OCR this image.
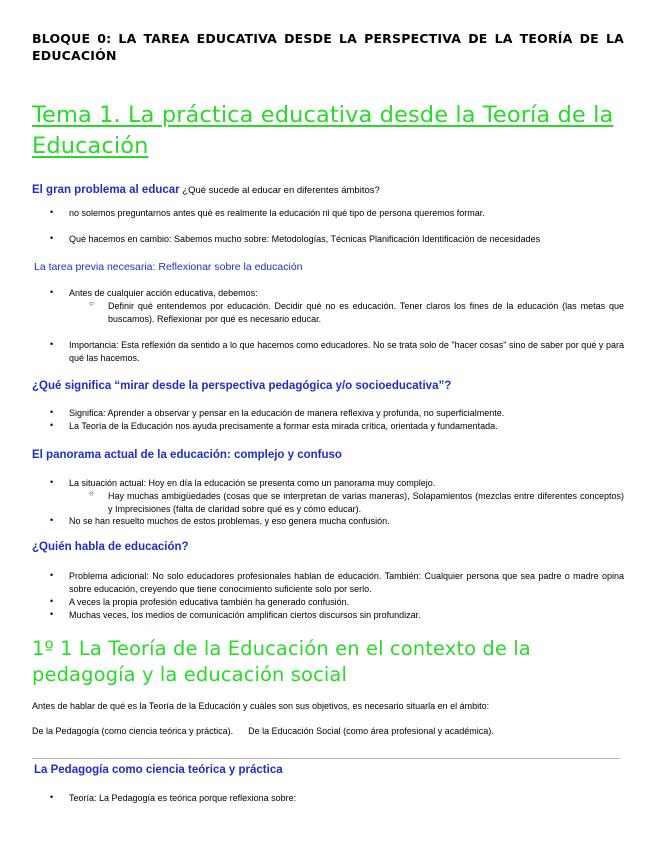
BLOQUE 0: LA TAREA EDUCATIVA DESDE LA PERSPECTIVA DE LA TEORÍA DE LA EDUCACIÓN
Tema 1. La práctica educativa desde la Teoría de la Educación
El gran problema al educar ¿Qué sucede al educar en diferentes ámbitos?
• no solemos preguntarnos antes qué es realmente la educación ni qué tipo de persona queremos formar.
• Qué hacemos en cambio: Sabemos mucho sobre: Metodologías, Técnicas Planificación Identificación de necesidades
La tarea previa necesaria: Reflexionar sobre la educación
• Antes de cualquier acción educativa, debemos:
○ Definir qué entendemos por educación. Decidir qué no es educación. Tener claros los fines de la educación (las metas que buscamos). Reflexionar por qué es necesario educar.
• Importancia: Esta reflexión da sentido a lo que hacemos como educadores. No se trata solo de "hacer cosas" sino de saber por qué y para qué las hacemos.
¿Qué significa “mirar desde la perspectiva pedagógica y/o socioeducativa”?
• Significa: Aprender a observar y pensar en la educación de manera reflexiva y profunda, no superficialmente.
• La Teoría de la Educación nos ayuda precisamente a formar esta mirada crítica, orientada y fundamentada.
El panorama actual de la educación: complejo y confuso
• La situación actual: Hoy en día la educación se presenta como un panorama muy complejo.
○ Hay muchas ambigüedades (cosas que se interpretan de varias maneras), Solapamientos (mezclas entre diferentes conceptos) y Imprecisiones (falta de claridad sobre qué es y cómo educar).
• No se han resuelto muchos de estos problemas, y eso genera mucha confusión.
¿Quién habla de educación?
• Problema adicional: No solo educadores profesionales hablan de educación. También: Cualquier persona que sea padre o madre opina sobre educación, creyendo que tiene conocimiento suficiente solo por serlo.
• A veces la propia profesión educativa también ha generado confusión.
• Muchas veces, los medios de comunicación amplifican ciertos discursos sin profundizar.
1º 1 La Teoría de la Educación en el contexto de la pedagogía y la educación social
Antes de hablar de qué es la Teoría de la Educación y cuáles son sus objetivos, es necesario situarla en el ámbito:
De la Pedagogía (como ciencia teórica y práctica). De la Educación Social (como área profesional y académica).
La Pedagogía como ciencia teórica y práctica
• Teoría: La Pedagogía es teórica porque reflexiona sobre:
